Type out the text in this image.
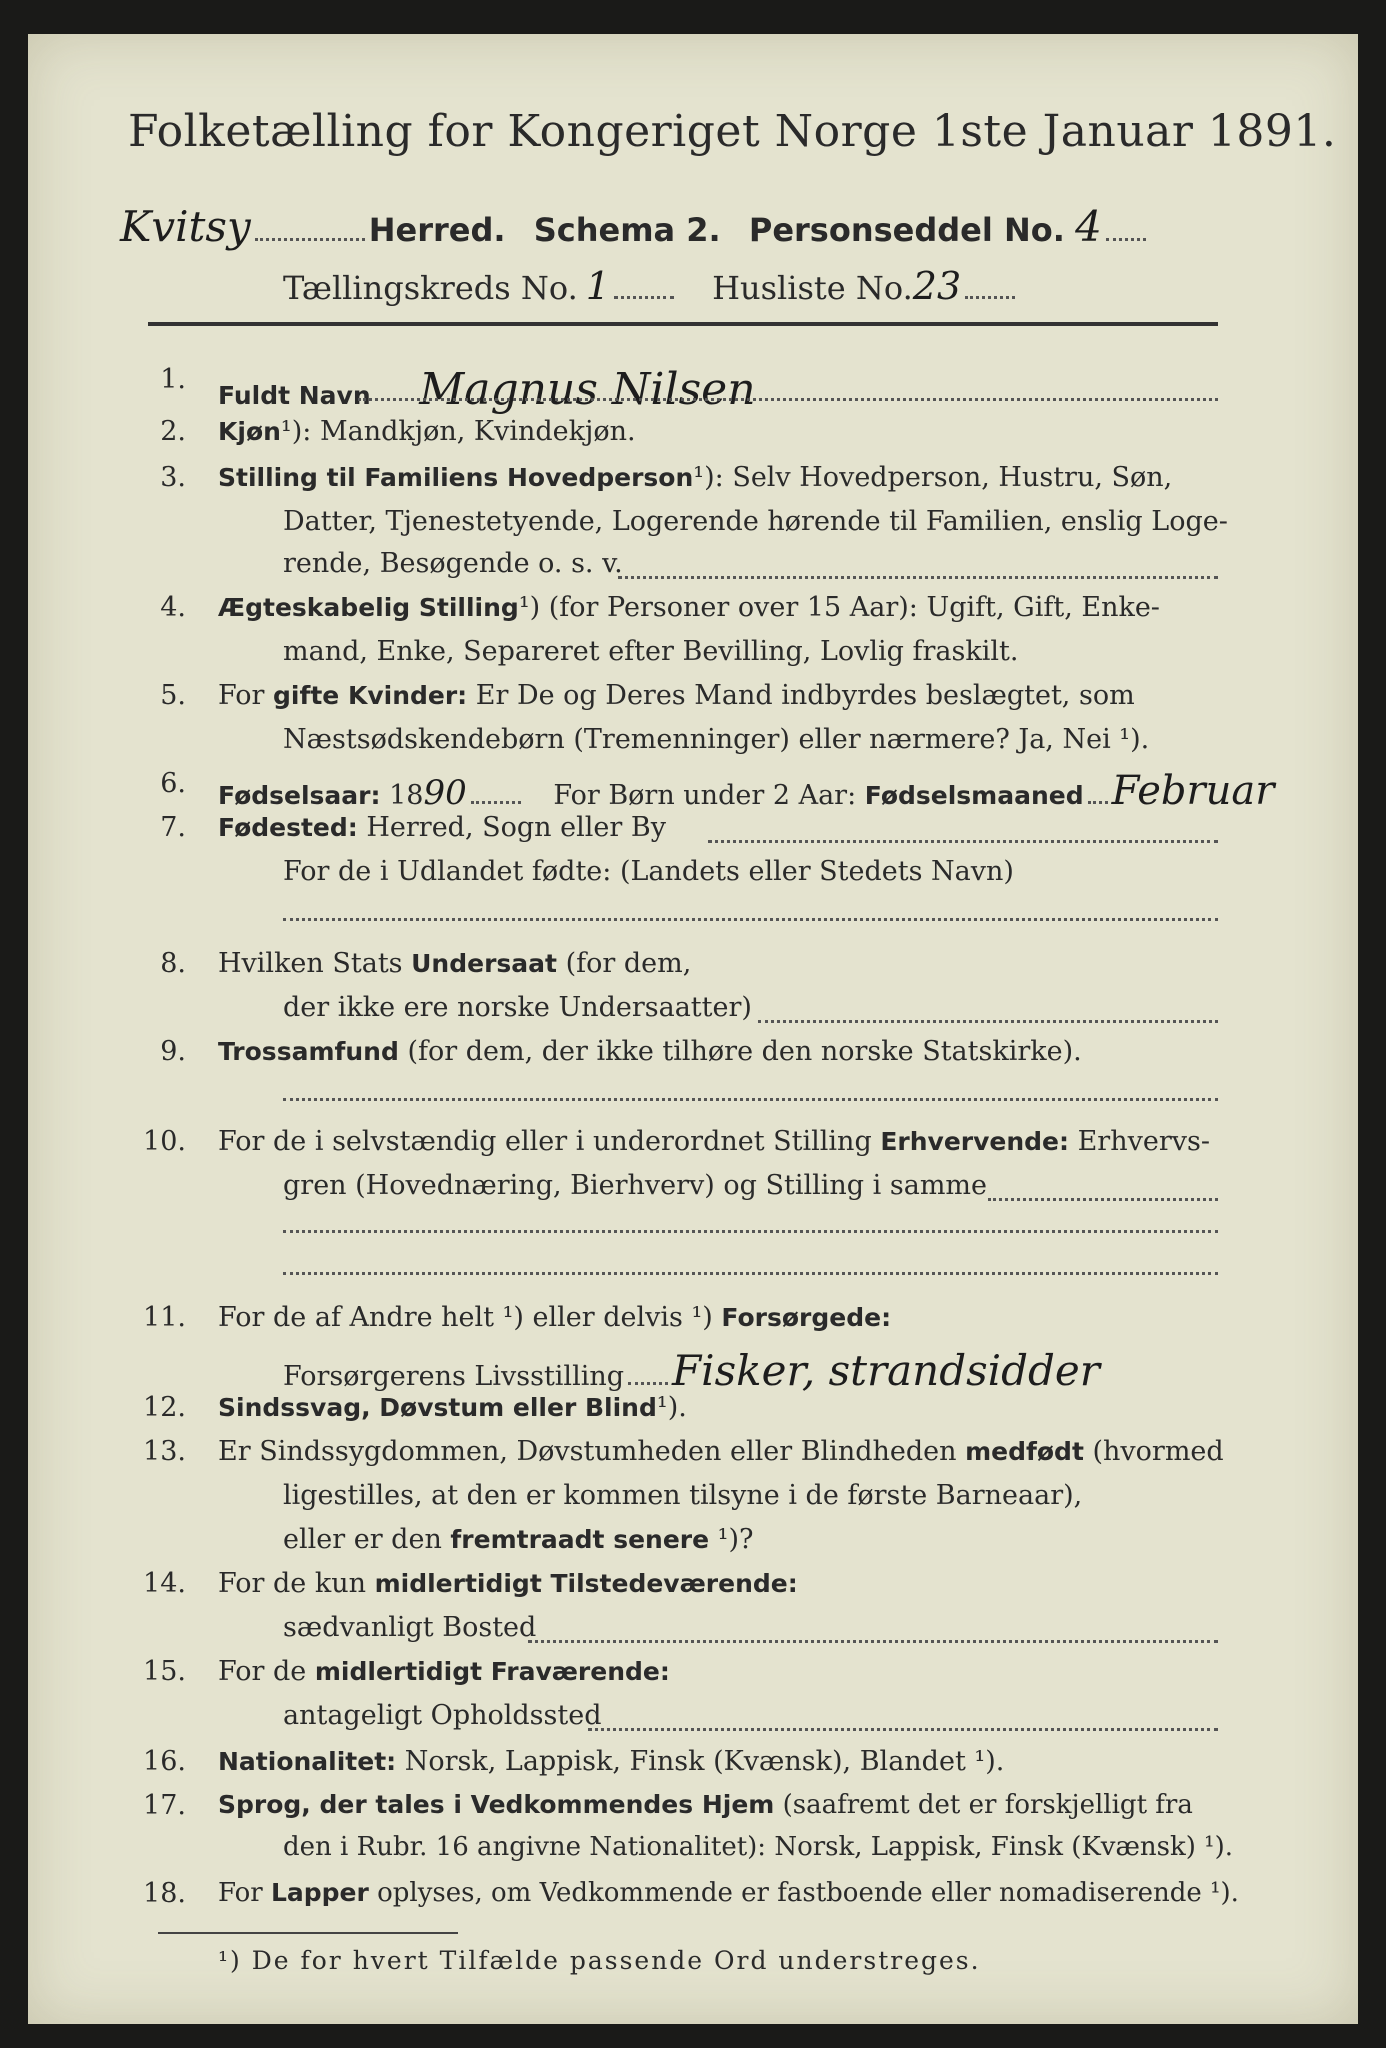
Folketælling for Kongeriget Norge 1ste Januar 1891.
Kvitsy	Herred. Schema 2. Personseddel No. 4
Tællingskreds No. 1	Husliste No.23
1.
Fuldt Navn Magnus Nilsen
2. Kjøn¹): Mandkjøn, Kvindekjøn.
3. Stilling til Familiens Hovedperson¹): Selv Hovedperson, Hustru, Søn,
Datter, Tjenestetyende, Logerende hørende til Familien, enslig Loge-
rende, Besøgende o. s. v.
4. Ægteskabelig Stilling¹) (for Personer over 15 Aar): Ugift, Gift, Enke-
mand, Enke, Separeret efter Bevilling, Lovlig fraskilt.
5. For gifte Kvinder: Er De og Deres Mand indbyrdes beslægtet, som
Næstsødskendebørn (Tremenninger) eller nærmere? Ja, Nei ¹).
6. Fødselsaar: 1890	For Børn under 2 Aar: Fødselsmaaned Februar
7. Fødested: Herred, Sogn eller By
For de i Udlandet fødte: (Landets eller Stedets Navn)
8. Hvilken Stats Undersaat (for dem,
der ikke ere norske Undersaatter)
9. Trossamfund (for dem, der ikke tilhøre den norske Statskirke).
10. For de i selvstændig eller i underordnet Stilling Erhvervende: Erhvervs-
gren (Hovednæring, Bierhverv) og Stilling i samme
11. For de af Andre helt ¹) eller delvis ¹) Forsørgede:
Forsørgerens Livsstilling Fisker, strandsidder
12. Sindssvag, Døvstum eller Blind¹).
13. Er Sindssygdommen, Døvstumheden eller Blindheden medfødt (hvormed
ligestilles, at den er kommen tilsyne i de første Barneaar),
eller er den fremtraadt senere ¹)?
14. For de kun midlertidigt Tilstedeværende:
sædvanligt Bosted
15. For de midlertidigt Fraværende:
antageligt Opholdssted
16. Nationalitet: Norsk, Lappisk, Finsk (Kvænsk), Blandet ¹).
17. Sprog, der tales i Vedkommendes Hjem (saafremt det er forskjelligt fra
den i Rubr. 16 angivne Nationalitet): Norsk, Lappisk, Finsk (Kvænsk) ¹).
18. For Lapper oplyses, om Vedkommende er fastboende eller nomadiserende ¹).
¹) De for hvert Tilfælde passende Ord understreges.
